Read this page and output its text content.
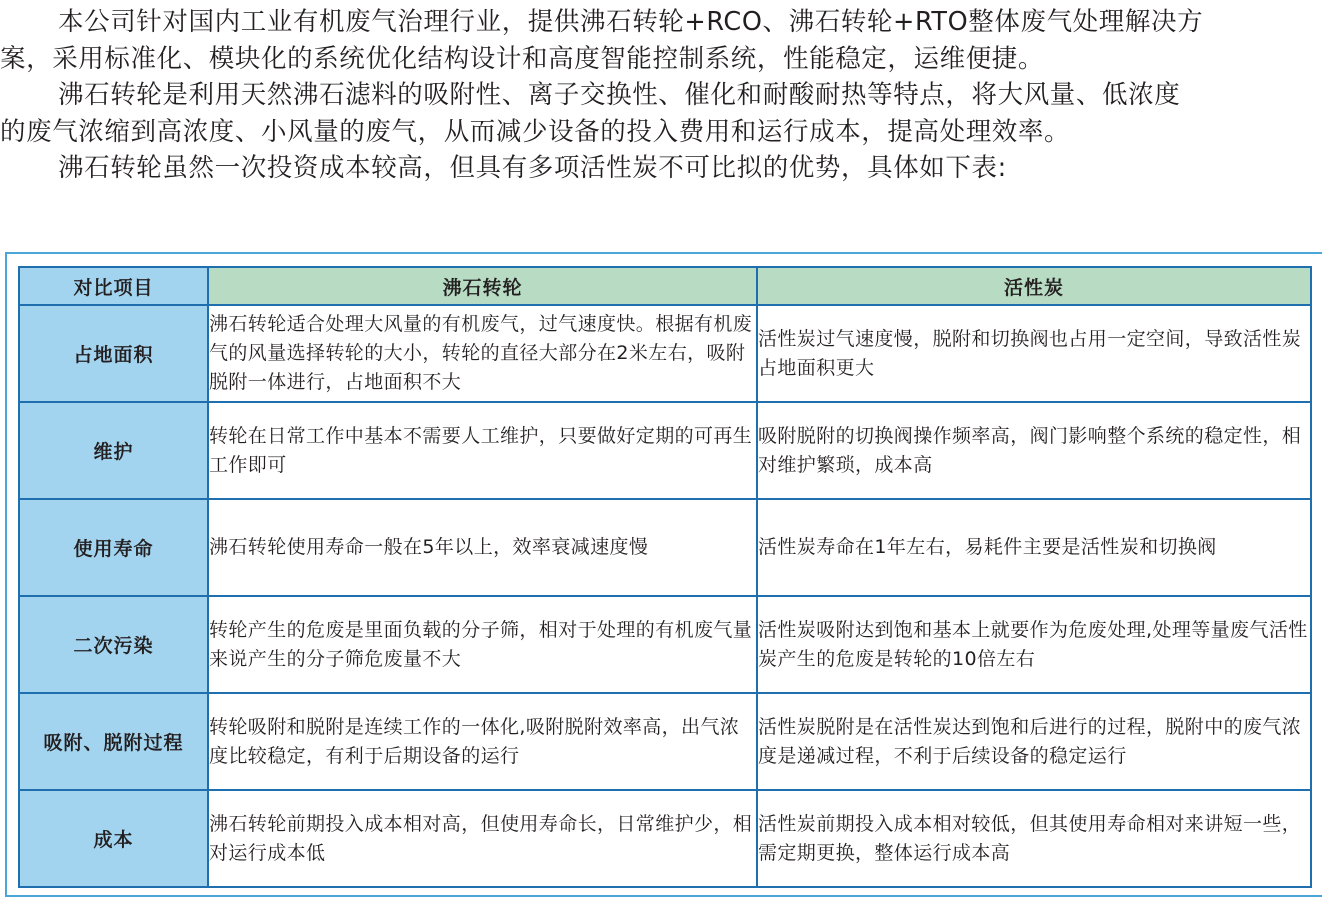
本公司针对国内工业有机废气治理行业，提供沸石转轮+RCO、沸石转轮+RTO整体废气处理解决方
案，采用标准化、模块化的系统优化结构设计和高度智能控制系统，性能稳定，运维便捷。

沸石转轮是利用天然沸石滤料的吸附性、离子交换性、催化和耐酸耐热等特点，将大风量、低浓度
的废气浓缩到高浓度、小风量的废气，从而减少设备的投入费用和运行成本，提高处理效率。

沸石转轮虽然一次投资成本较高，但具有多项活性炭不可比拟的优势，具体如下表:

对比项目	沸石转轮	活性炭
占地面积	沸石转轮适合处理大风量的有机废气，过气速度快。根据有机废气的风量选择转轮的大小，转轮的直径大部分在2米左右，吸附脱附一体进行，占地面积不大	活性炭过气速度慢，脱附和切换阀也占用一定空间，导致活性炭占地面积更大
维护	转轮在日常工作中基本不需要人工维护，只要做好定期的可再生工作即可	吸附脱附的切换阀操作频率高，阀门影响整个系统的稳定性，相对维护繁琐，成本高
使用寿命	沸石转轮使用寿命一般在5年以上，效率衰减速度慢	活性炭寿命在1年左右，易耗件主要是活性炭和切换阀
二次污染	转轮产生的危废是里面负载的分子筛，相对于处理的有机废气量来说产生的分子筛危废量不大	活性炭吸附达到饱和基本上就要作为危废处理,处理等量废气活性炭产生的危废是转轮的10倍左右
吸附、脱附过程	转轮吸附和脱附是连续工作的一体化,吸附脱附效率高，出气浓度比较稳定，有利于后期设备的运行	活性炭脱附是在活性炭达到饱和后进行的过程，脱附中的废气浓度是递减过程，不利于后续设备的稳定运行
成本	沸石转轮前期投入成本相对高，但使用寿命长，日常维护少，相对运行成本低	活性炭前期投入成本相对较低，但其使用寿命相对来讲短一些，需定期更换，整体运行成本高
